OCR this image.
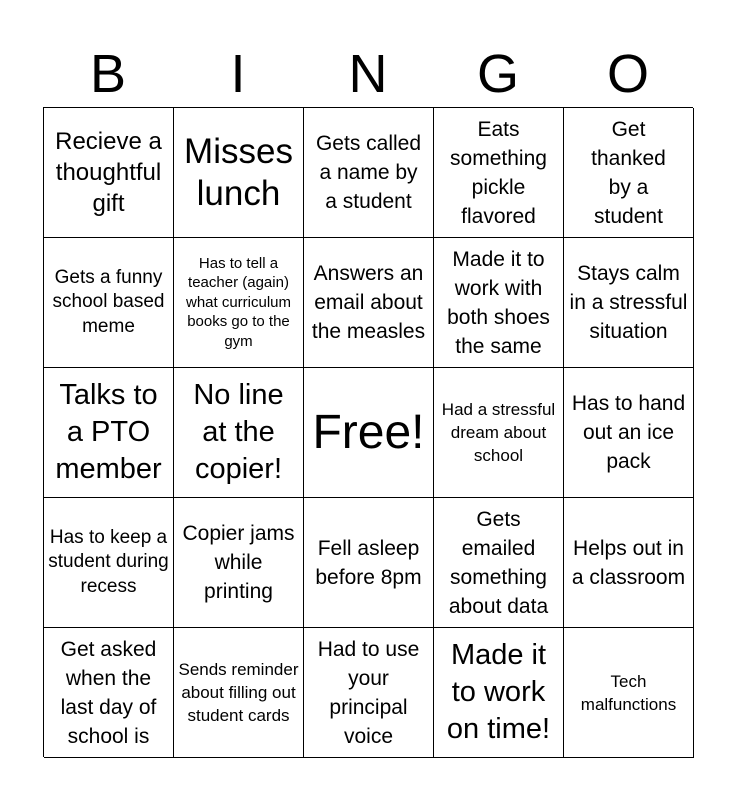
B	I	N	G	O
Recieve a thoughtful gift
Misses lunch
Gets called a name by a student
Eats something pickle flavored
Get thanked by a student
Gets a funny school based meme
Has to tell a teacher (again) what curriculum books go to the gym
Answers an email about the measles
Made it to work with both shoes the same
Stays calm in a stressful situation
Talks to a PTO member
No line at the copier!
Free! Had a stressful dream about school
Has to hand out an ice pack
Has to keep a student during recess
Copier jams while printing
Fell asleep before 8pm
Gets emailed something about data
Helps out in a classroom
Get asked when the last day of school is
Sends reminder about filling out student cards
Had to use your principal voice
Made it to work on time!
Tech malfunctions
